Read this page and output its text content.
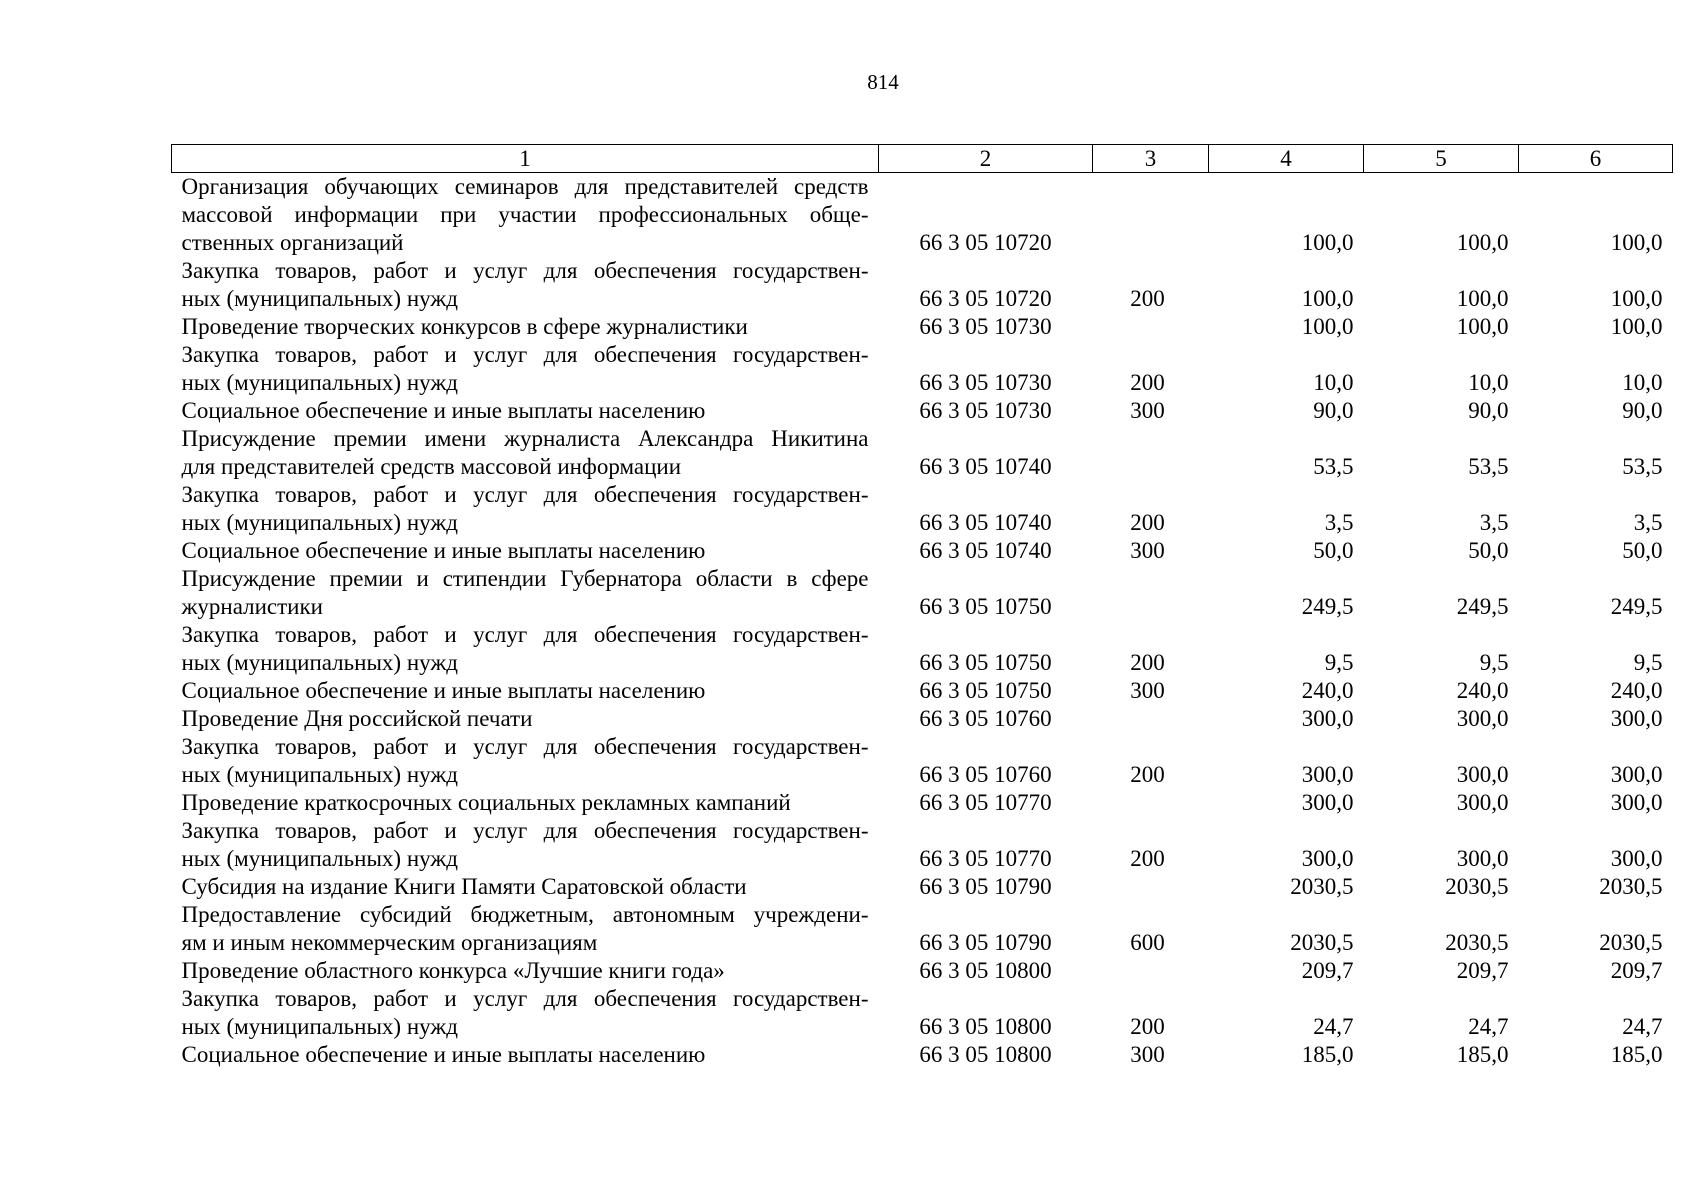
814
1	2	3	4	5	6

Организация обучающих семинаров для представителей средств
массовой информации при участии профессиональных обще-
ственных организаций	66 3 05 10720		100,0	100,0	100,0

Закупка товаров, работ и услуг для обеспечения государствен-
ных (муниципальных) нужд	66 3 05 10720	200	100,0	100,0	100,0

Проведение творческих конкурсов в сфере журналистики	66 3 05 10730		100,0	100,0	100,0

Закупка товаров, работ и услуг для обеспечения государствен-
ных (муниципальных) нужд	66 3 05 10730	200	10,0	10,0	10,0

Социальное обеспечение и иные выплаты населению	66 3 05 10730	300	90,0	90,0	90,0

Присуждение премии имени журналиста Александра Никитина
для представителей средств массовой информации	66 3 05 10740		53,5	53,5	53,5

Закупка товаров, работ и услуг для обеспечения государствен-
ных (муниципальных) нужд	66 3 05 10740	200	3,5	3,5	3,5

Социальное обеспечение и иные выплаты населению	66 3 05 10740	300	50,0	50,0	50,0

Присуждение премии и стипендии Губернатора области в сфере
журналистики	66 3 05 10750		249,5	249,5	249,5

Закупка товаров, работ и услуг для обеспечения государствен-
ных (муниципальных) нужд	66 3 05 10750	200	9,5	9,5	9,5

Социальное обеспечение и иные выплаты населению	66 3 05 10750	300	240,0	240,0	240,0

Проведение Дня российской печати	66 3 05 10760		300,0	300,0	300,0

Закупка товаров, работ и услуг для обеспечения государствен-
ных (муниципальных) нужд	66 3 05 10760	200	300,0	300,0	300,0

Проведение краткосрочных социальных рекламных кампаний	66 3 05 10770		300,0	300,0	300,0

Закупка товаров, работ и услуг для обеспечения государствен-
ных (муниципальных) нужд	66 3 05 10770	200	300,0	300,0	300,0

Субсидия на издание Книги Памяти Саратовской области	66 3 05 10790		2030,5	2030,5	2030,5

Предоставление субсидий бюджетным, автономным учреждени-
ям и иным некоммерческим организациям	66 3 05 10790	600	2030,5	2030,5	2030,5

Проведение областного конкурса «Лучшие книги года»	66 3 05 10800		209,7	209,7	209,7

Закупка товаров, работ и услуг для обеспечения государствен-
ных (муниципальных) нужд	66 3 05 10800	200	24,7	24,7	24,7

Социальное обеспечение и иные выплаты населению	66 3 05 10800	300	185,0	185,0	185,0
